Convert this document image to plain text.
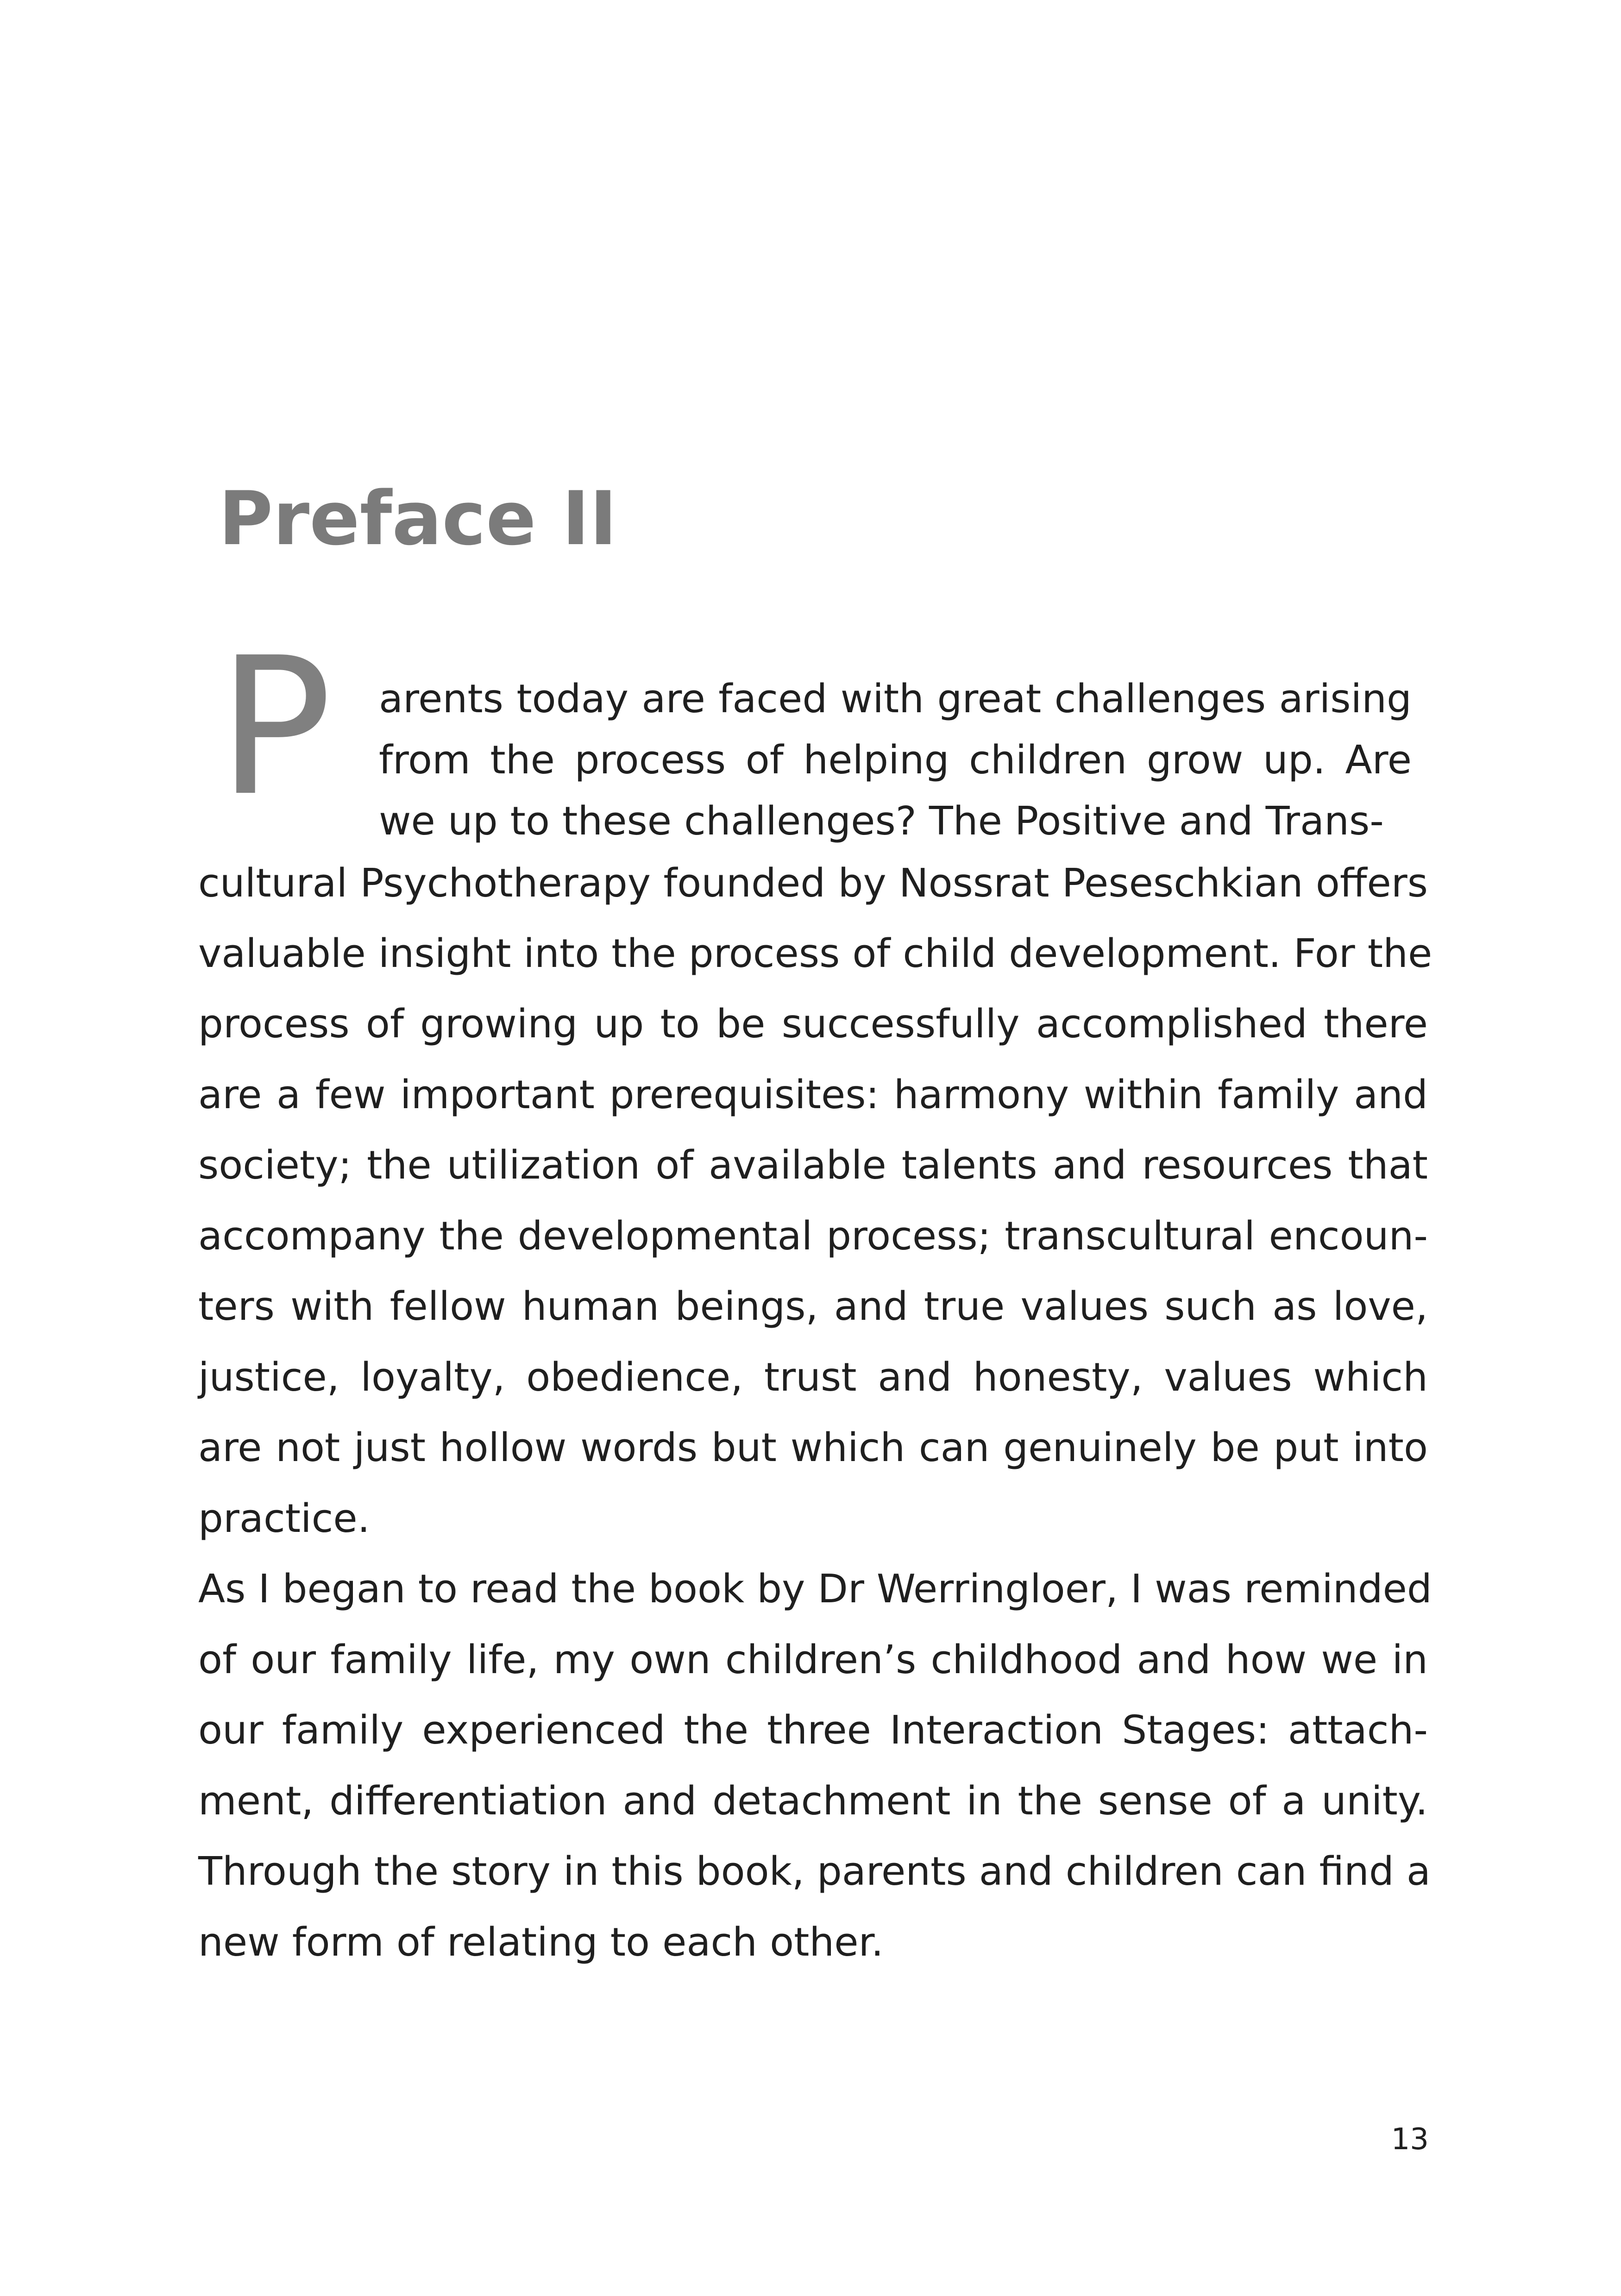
Preface II
P arents today are faced with great challenges arising
from the process of helping children grow up. Are
we up to these challenges? The Positive and Trans-
cultural Psychotherapy founded by Nossrat Peseschkian offers
valuable insight into the process of child development. For the
process of growing up to be successfully accomplished there
are a few important prerequisites: harmony within family and
society; the utilization of available talents and resources that
accompany the developmental process; transcultural encoun-
ters with fellow human beings, and true values such as love,
justice, loyalty, obedience, trust and honesty, values which
are not just hollow words but which can genuinely be put into
practice.
As I began to read the book by Dr Werringloer, I was reminded
of our family life, my own children’s childhood and how we in
our family experienced the three Interaction Stages: attach-
ment, differentiation and detachment in the sense of a unity.
Through the story in this book, parents and children can find a
new form of relating to each other.
13
